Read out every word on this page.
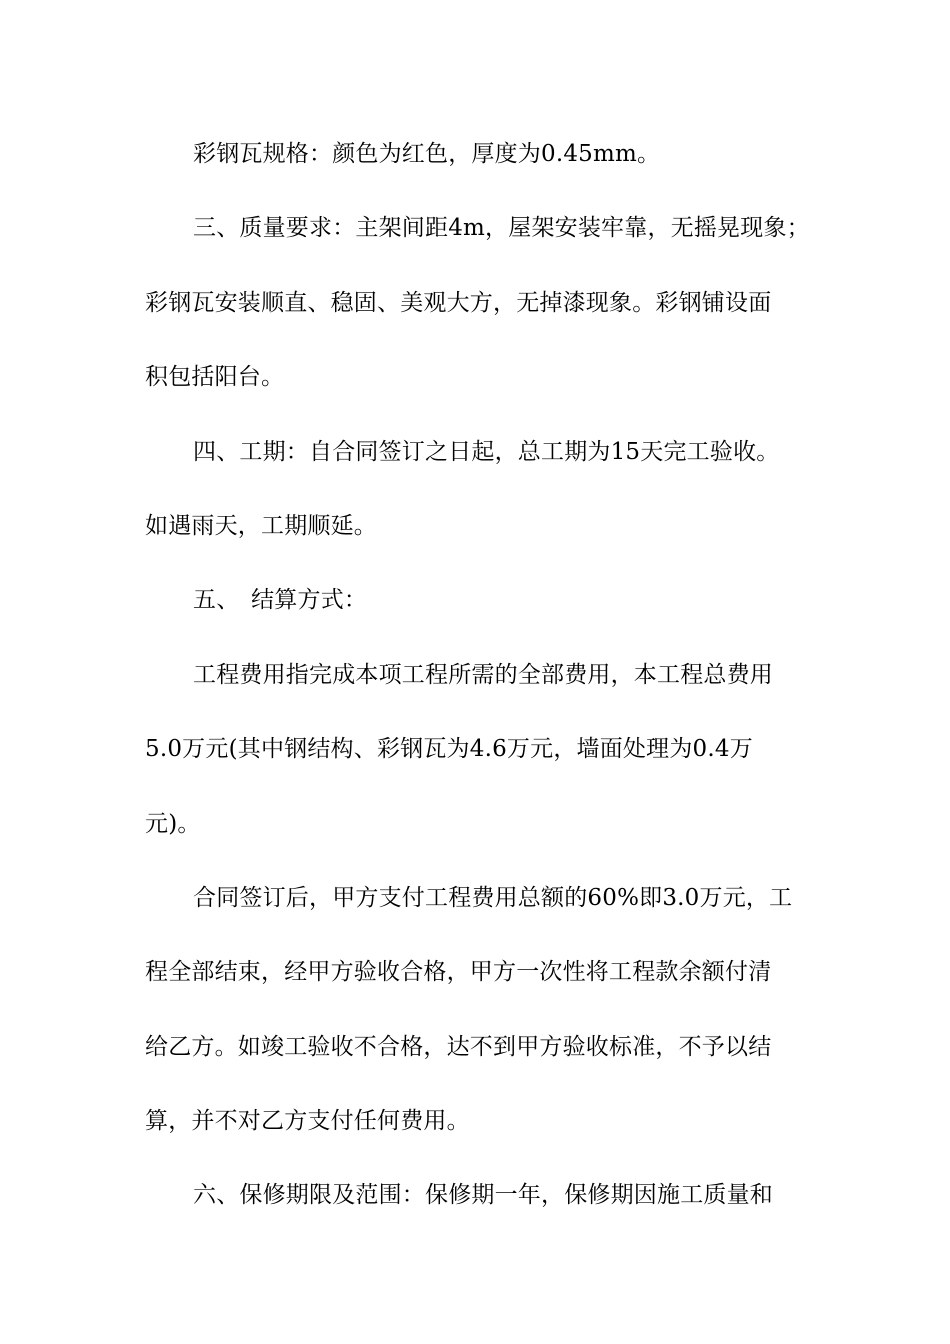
彩钢瓦规格：颜色为红色，厚度为0.45mm。
三、质量要求：主架间距4m，屋架安装牢靠，无摇晃现象；
彩钢瓦安装顺直、稳固、美观大方，无掉漆现象。彩钢铺设面
积包括阳台。
四、工期：自合同签订之日起，总工期为15天完工验收。
如遇雨天，工期顺延。
五、　结算方式：
工程费用指完成本项工程所需的全部费用，本工程总费用
5.0万元(其中钢结构、彩钢瓦为4.6万元，墙面处理为0.4万
元)。
合同签订后，甲方支付工程费用总额的60%即3.0万元，工
程全部结束，经甲方验收合格，甲方一次性将工程款余额付清
给乙方。如竣工验收不合格，达不到甲方验收标准，不予以结
算，并不对乙方支付任何费用。
六、保修期限及范围：保修期一年，保修期因施工质量和
